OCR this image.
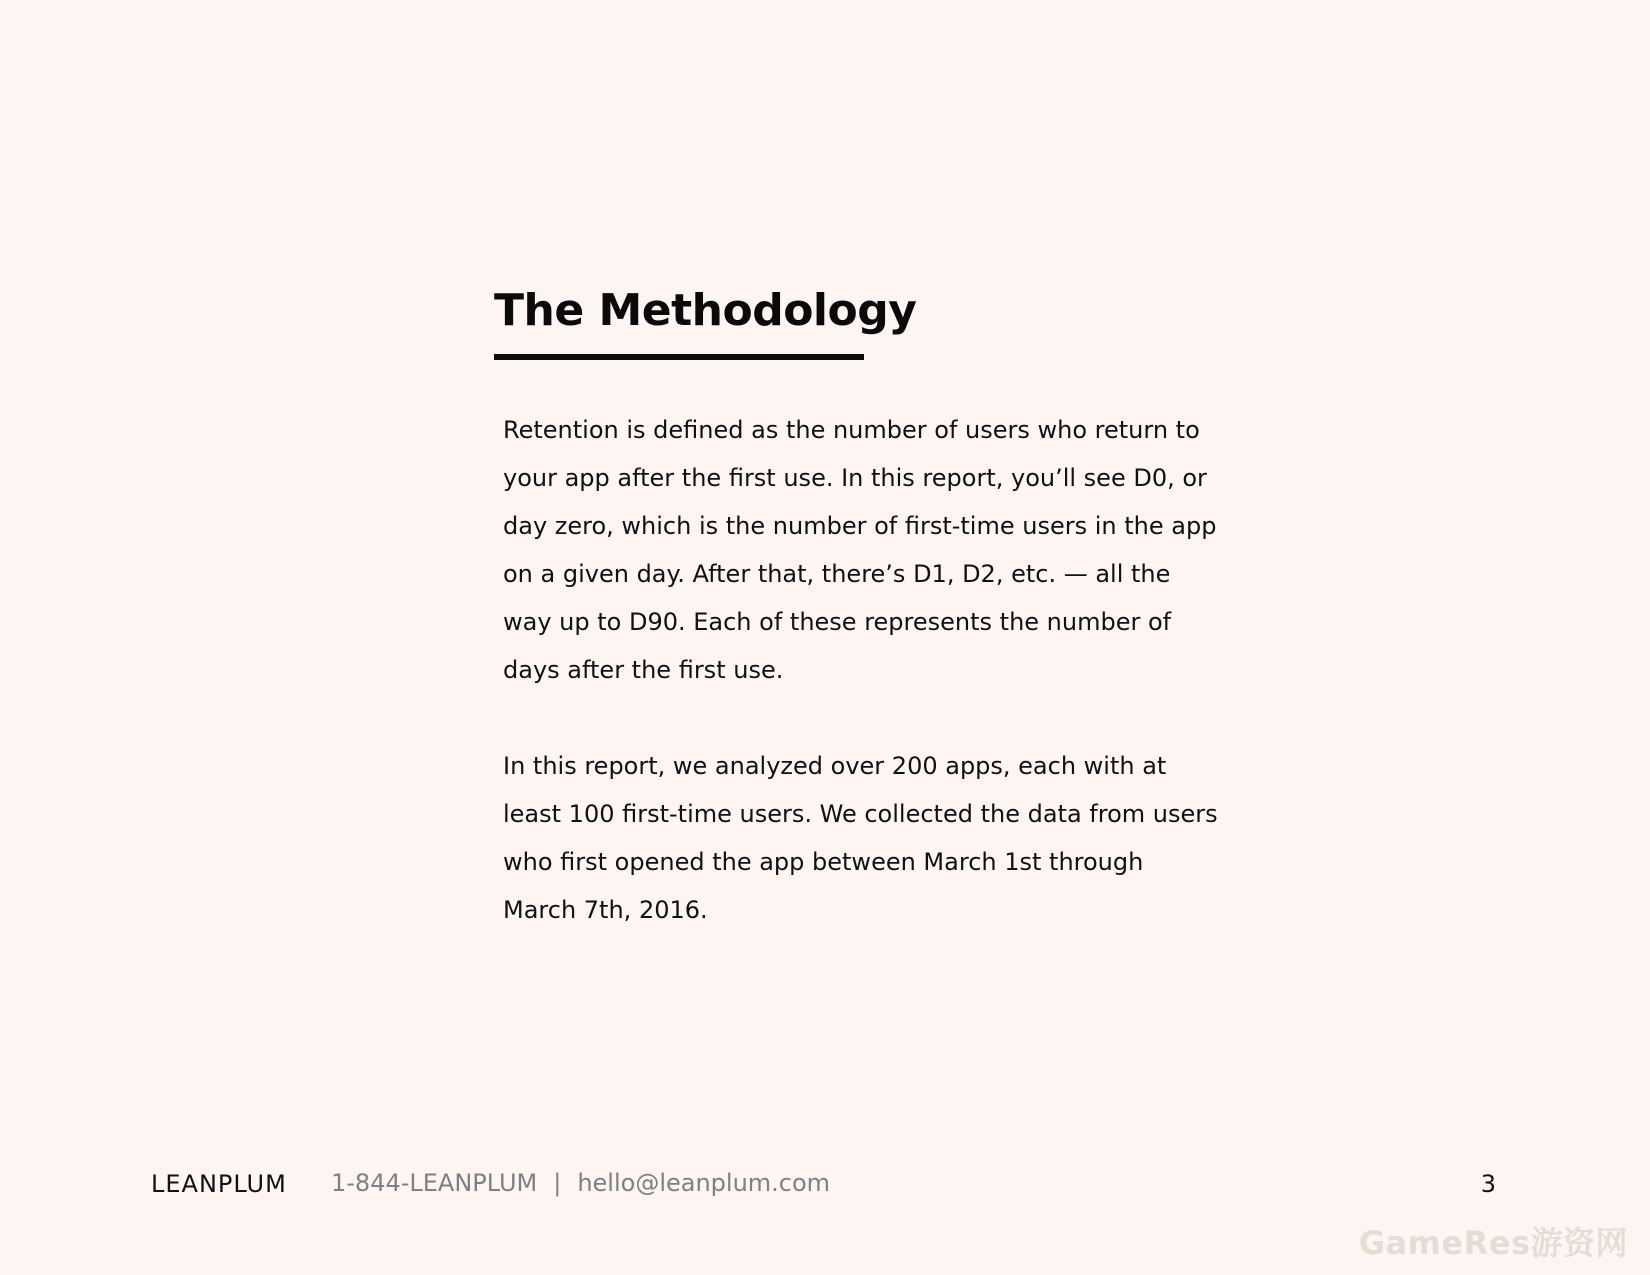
The Methodology

Retention is defined as the number of users who return to your app after the first use. In this report, you’ll see D0, or day zero, which is the number of first-time users in the app on a given day. After that, there’s D1, D2, etc. — all the way up to D90. Each of these represents the number of days after the first use.

In this report, we analyzed over 200 apps, each with at least 100 first-time users. We collected the data from users who first opened the app between March 1st through March 7th, 2016.

LEANPLUM 1-844-LEANPLUM | hello@leanplum.com	3
GameRes游资网
